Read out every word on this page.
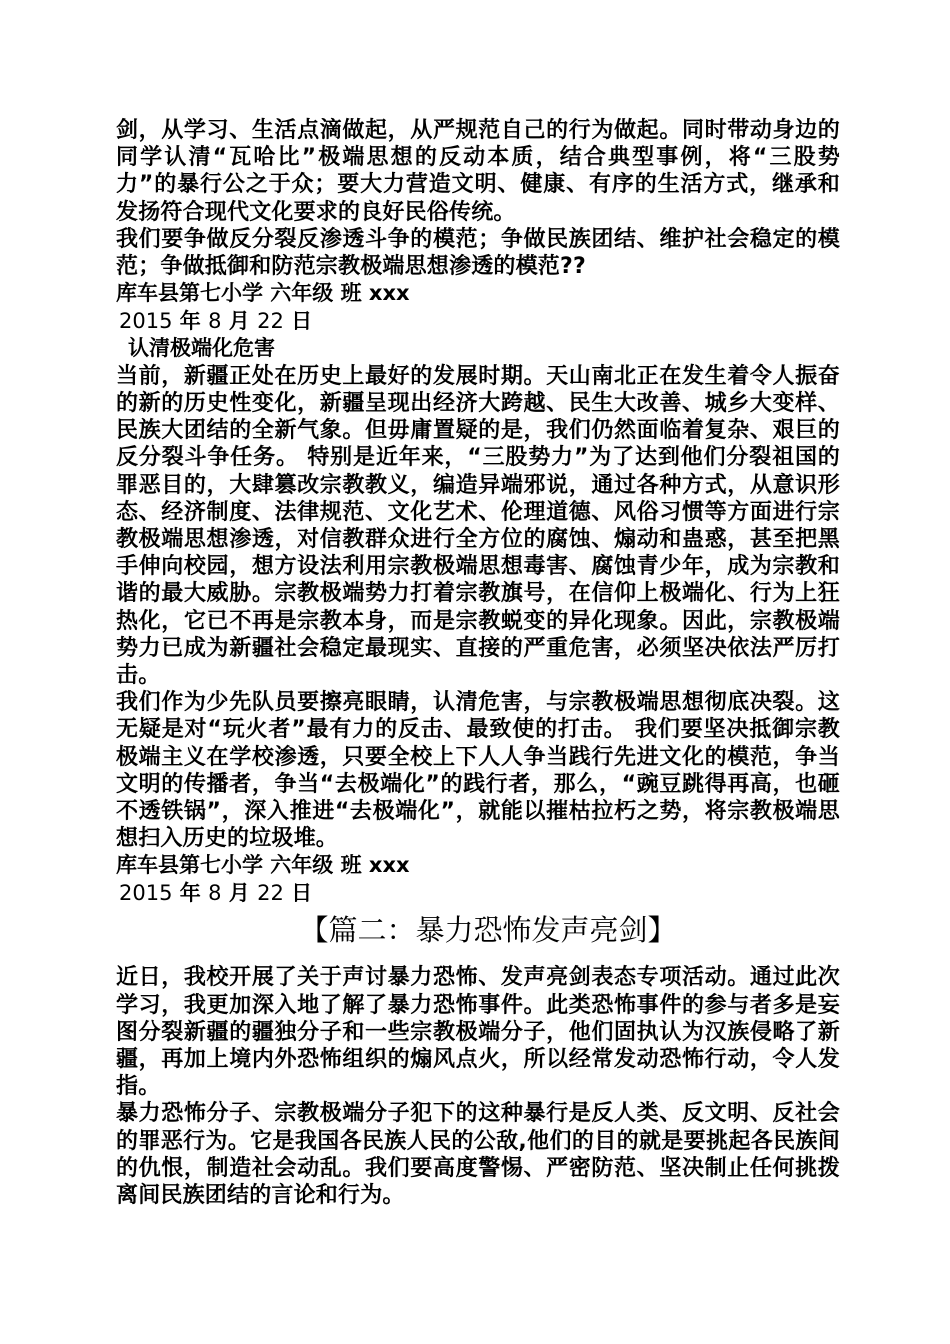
剑，从学习、生活点滴做起，从严规范自己的行为做起。同时带动身边的同学认清“瓦哈比”极端思想的反动本质，结合典型事例，将“三股势力”的暴行公之于众；要大力营造文明、健康、有序的生活方式，继承和发扬符合现代文化要求的良好民俗传统。

我们要争做反分裂反渗透斗争的模范；争做民族团结、维护社会稳定的模范；争做抵御和防范宗教极端思想渗透的模范??

库车县第七小学 六年级 班 xxx

2015 年 8 月 22 日

认清极端化危害

当前，新疆正处在历史上最好的发展时期。天山南北正在发生着令人振奋的新的历史性变化，新疆呈现出经济大跨越、民生大改善、城乡大变样、民族大团结的全新气象。但毋庸置疑的是，我们仍然面临着复杂、艰巨的反分裂斗争任务。 特别是近年来，“三股势力”为了达到他们分裂祖国的罪恶目的，大肆篡改宗教教义，编造异端邪说，通过各种方式，从意识形态、经济制度、法律规范、文化艺术、伦理道德、风俗习惯等方面进行宗教极端思想渗透，对信教群众进行全方位的腐蚀、煽动和蛊惑，甚至把黑手伸向校园，想方设法利用宗教极端思想毒害、腐蚀青少年，成为宗教和谐的最大威胁。宗教极端势力打着宗教旗号，在信仰上极端化、行为上狂热化，它已不再是宗教本身，而是宗教蜕变的异化现象。因此，宗教极端势力已成为新疆社会稳定最现实、直接的严重危害，必须坚决依法严厉打击。

我们作为少先队员要擦亮眼睛，认清危害，与宗教极端思想彻底决裂。这无疑是对“玩火者”最有力的反击、最致使的打击。 我们要坚决抵御宗教极端主义在学校渗透，只要全校上下人人争当践行先进文化的模范，争当文明的传播者，争当“去极端化”的践行者，那么，“豌豆跳得再高，也砸不透铁锅”，深入推进“去极端化”，就能以摧枯拉朽之势，将宗教极端思想扫入历史的垃圾堆。

库车县第七小学 六年级 班 xxx

2015 年 8 月 22 日

【篇二：暴力恐怖发声亮剑】

近日，我校开展了关于声讨暴力恐怖、发声亮剑表态专项活动。通过此次学习，我更加深入地了解了暴力恐怖事件。此类恐怖事件的参与者多是妄图分裂新疆的疆独分子和一些宗教极端分子，他们固执认为汉族侵略了新疆，再加上境内外恐怖组织的煽风点火，所以经常发动恐怖行动，令人发指。

暴力恐怖分子、宗教极端分子犯下的这种暴行是反人类、反文明、反社会的罪恶行为。它是我国各民族人民的公敌,他们的目的就是要挑起各民族间的仇恨，制造社会动乱。我们要高度警惕、严密防范、坚决制止任何挑拨离间民族团结的言论和行为。
